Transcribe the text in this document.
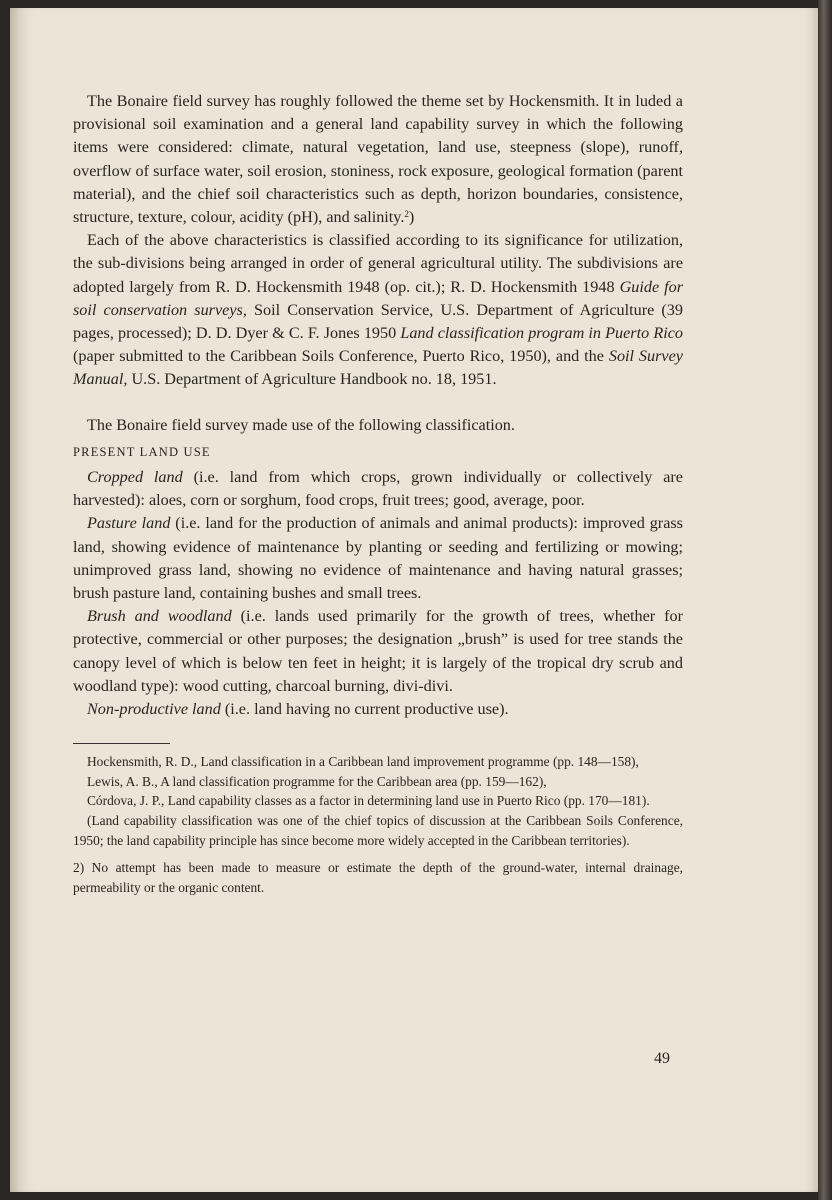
The Bonaire field survey has roughly followed the theme set by Hockensmith. It in luded a provisional soil examination and a general land capability survey in which the following items were considered: climate, natural vegetation, land use, steepness (slope), runoff, overflow of surface water, soil erosion, stoniness, rock exposure, geological formation (parent material), and the chief soil characteristics such as depth, horizon boundaries, consistence, structure, texture, colour, acidity (pH), and salinity.$^2$)

Each of the above characteristics is classified according to its significance for utilization, the sub-divisions being arranged in order of general agricultural utility. The subdivisions are adopted largely from R. D. Hockensmith 1948 (op. cit.); R. D. Hockensmith 1948 Guide for soil conservation surveys, Soil Conservation Service, U.S. Department of Agriculture (39 pages, processed); D. D. Dyer & C. F. Jones 1950 Land classification program in Puerto Rico (paper submitted to the Caribbean Soils Conference, Puerto Rico, 1950), and the Soil Survey Manual, U.S. Department of Agriculture Handbook no. 18, 1951.

The Bonaire field survey made use of the following classification.

PRESENT LAND USE

Cropped land (i.e. land from which crops, grown individually or collectively are harvested): aloes, corn or sorghum, food crops, fruit trees; good, average, poor.

Pasture land (i.e. land for the production of animals and animal products): improved grass land, showing evidence of maintenance by planting or seeding and fertilizing or mowing; unimproved grass land, showing no evidence of maintenance and having natural grasses; brush pasture land, containing bushes and small trees.

Brush and woodland (i.e. lands used primarily for the growth of trees, whether for protective, commercial or other purposes; the designation „brush” is used for tree stands the canopy level of which is below ten feet in height; it is largely of the tropical dry scrub and woodland type): wood cutting, charcoal burning, divi-divi.

Non-productive land (i.e. land having no current productive use).

Hockensmith, R. D., Land classification in a Caribbean land improvement programme (pp. 148—158),

Lewis, A. B., A land classification programme for the Caribbean area (pp. 159—162),

Córdova, J. P., Land capability classes as a factor in determining land use in Puerto Rico (pp. 170—181).

(Land capability classification was one of the chief topics of discussion at the Caribbean Soils Conference, 1950; the land capability principle has since become more widely accepted in the Caribbean territories).

2) No attempt has been made to measure or estimate the depth of the ground-water, internal drainage, permeability or the organic content.

49
